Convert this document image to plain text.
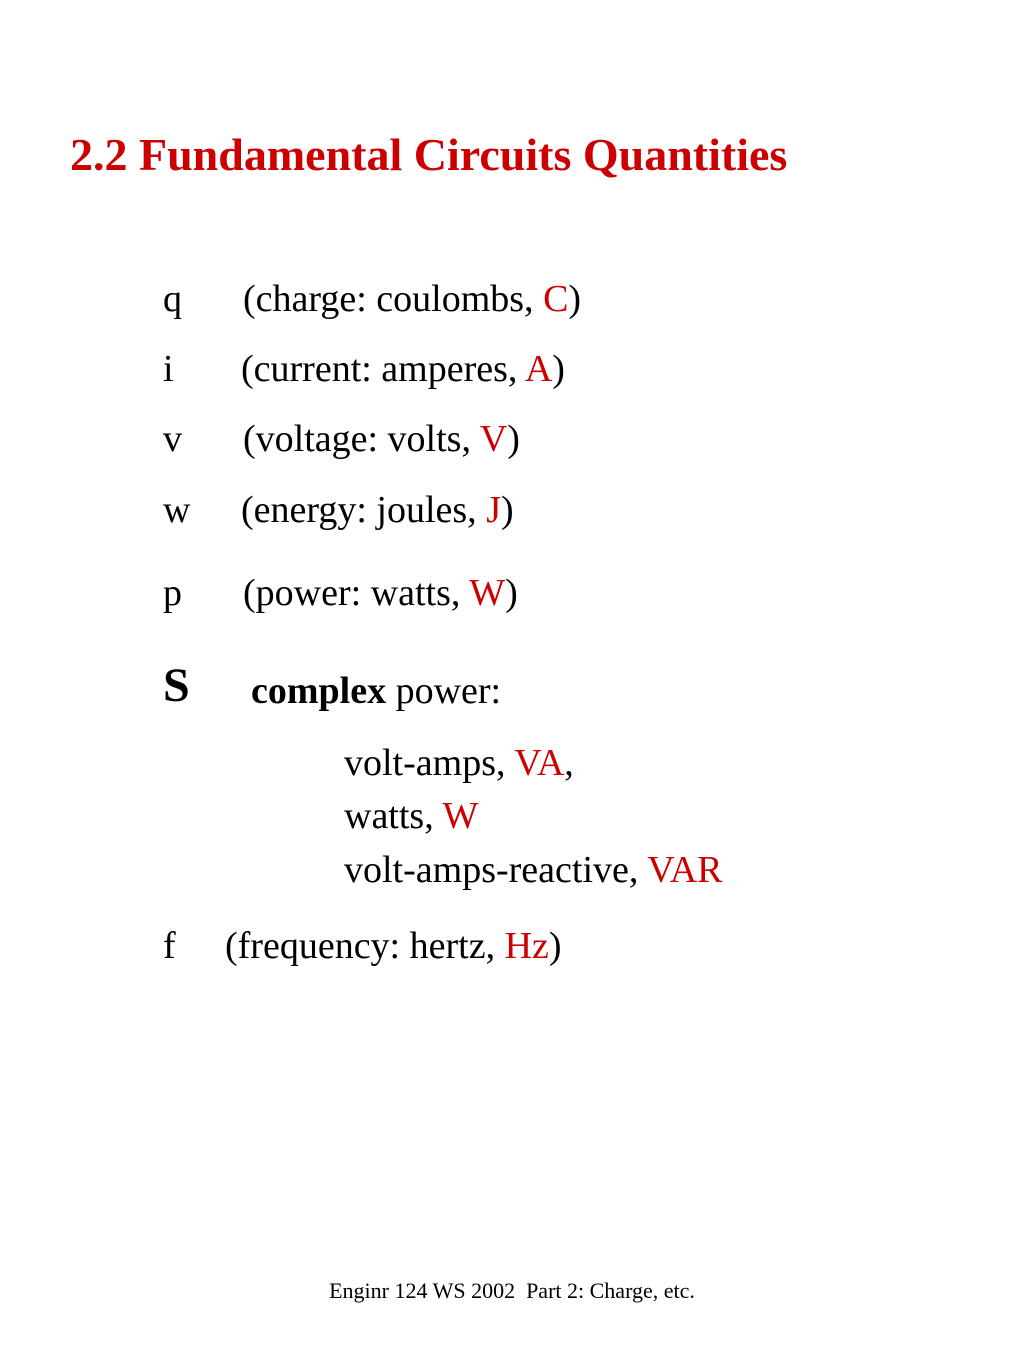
2.2 Fundamental Circuits Quantities
q (charge: coulombs, C)
i (current: amperes, A)
v (voltage: volts, V)
w (energy: joules, J)
p (power: watts, W)
S complex power:
volt-amps, VA,
watts, W
volt-amps-reactive, VAR
f (frequency: hertz, Hz)
Enginr 124 WS 2002  Part 2: Charge, etc.
